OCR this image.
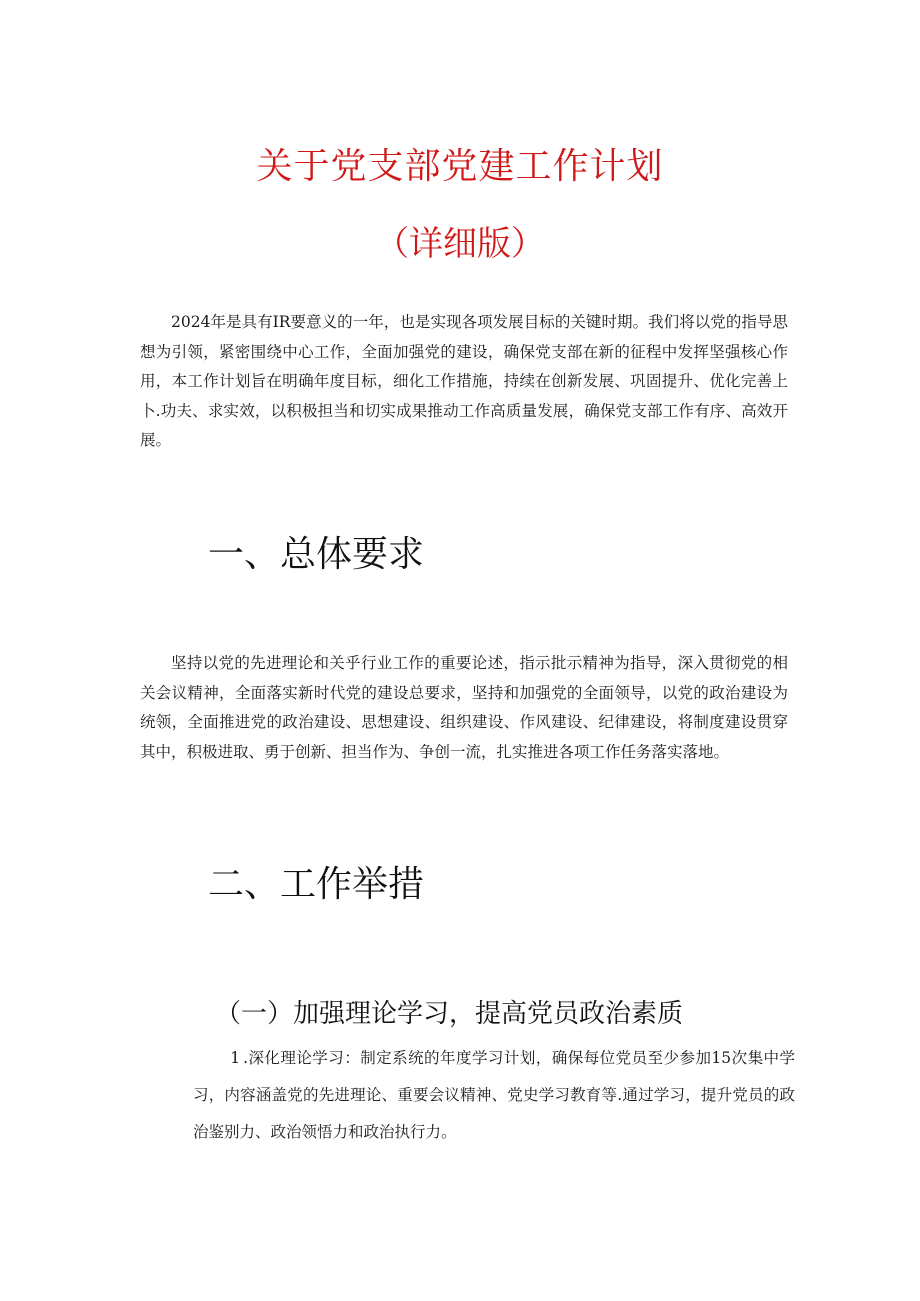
关于党支部党建工作计划
（详细版）

2024年是具有IR要意义的一年，也是实现各项发展目标的关键时期。我们将以党的指导思想为引领，紧密围绕中心工作，全面加强党的建设，确保党支部在新的征程中发挥坚强核心作用，本工作计划旨在明确年度目标，细化工作措施，持续在创新发展、巩固提升、优化完善上卜.功夫、求实效，以积极担当和切实成果推动工作高质量发展，确保党支部工作有序、高效开展。

一、总体要求

坚持以党的先进理论和关乎行业工作的重要论述，指示批示精神为指导，深入贯彻党的相关会议精神，全面落实新时代党的建设总要求，坚持和加强党的全面领导，以党的政治建设为统领，全面推进党的政治建设、思想建设、组织建设、作风建设、纪律建设，将制度建设贯穿其中，积极进取、勇于创新、担当作为、争创一流，扎实推进各项工作任务落实落地。

二、工作举措
（一）加强理论学习，提高党员政治素质

1 .深化理论学习：制定系统的年度学习计划，确保每位党员至少参加15次集中学习，内容涵盖党的先进理论、重要会议精神、党史学习教育等.通过学习，提升党员的政治鉴别力、政治领悟力和政治执行力。
